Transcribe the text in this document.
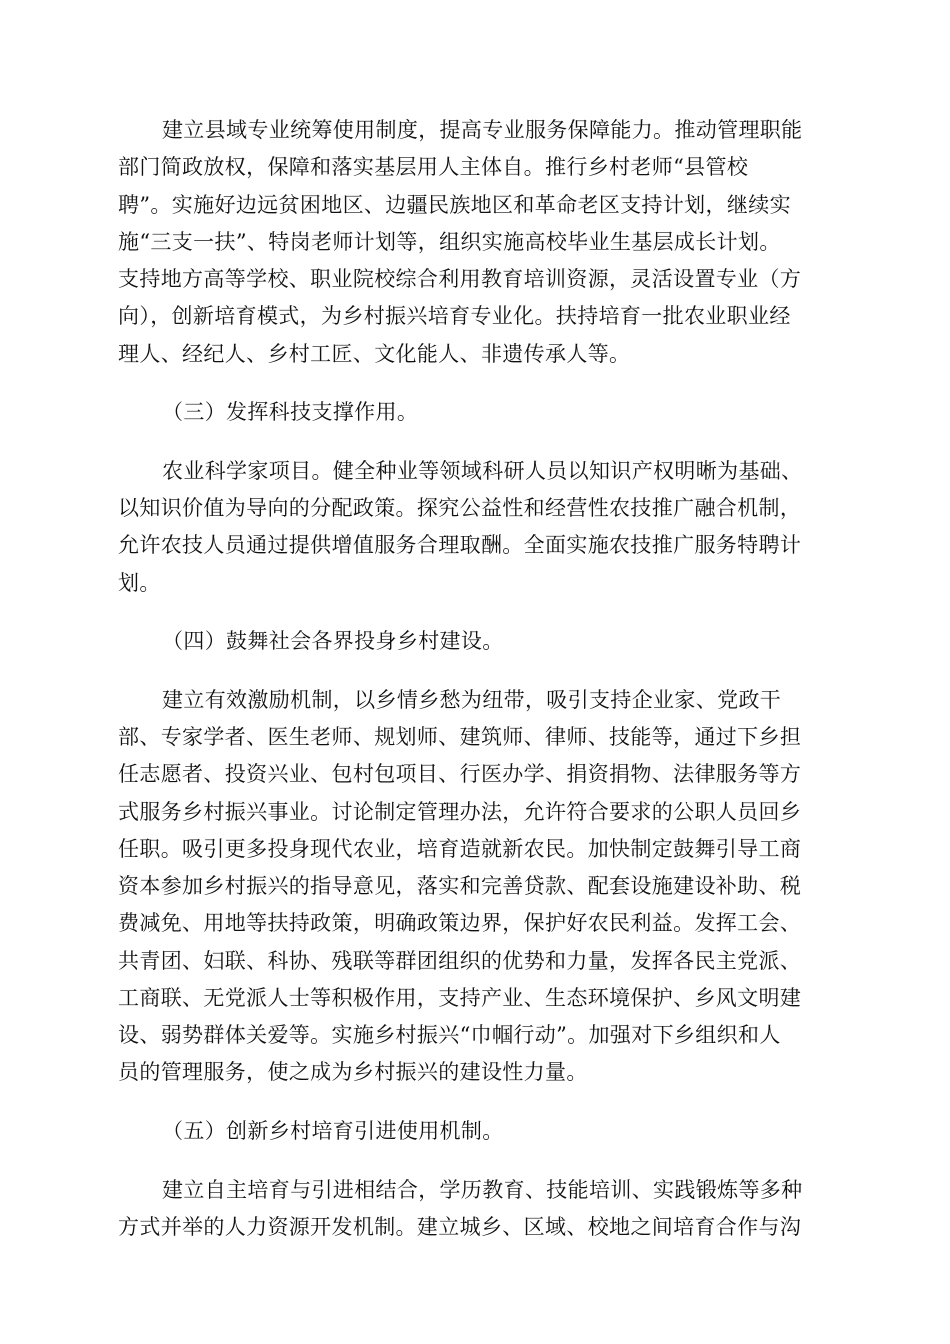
建立县域专业统筹使用制度，提高专业服务保障能力。推动管理职能
部门简政放权，保障和落实基层用人主体自。推行乡村老师“县管校
聘”。实施好边远贫困地区、边疆民族地区和革命老区支持计划，继续实
施“三支一扶”、特岗老师计划等，组织实施高校毕业生基层成长计划。
支持地方高等学校、职业院校综合利用教育培训资源，灵活设置专业（方
向），创新培育模式，为乡村振兴培育专业化。扶持培育一批农业职业经
理人、经纪人、乡村工匠、文化能人、非遗传承人等。
（三）发挥科技支撑作用。
农业科学家项目。健全种业等领域科研人员以知识产权明晰为基础、
以知识价值为导向的分配政策。探究公益性和经营性农技推广融合机制，
允许农技人员通过提供增值服务合理取酬。全面实施农技推广服务特聘计
划。
（四）鼓舞社会各界投身乡村建设。
建立有效激励机制，以乡情乡愁为纽带，吸引支持企业家、党政干
部、专家学者、医生老师、规划师、建筑师、律师、技能等，通过下乡担
任志愿者、投资兴业、包村包项目、行医办学、捐资捐物、法律服务等方
式服务乡村振兴事业。讨论制定管理办法，允许符合要求的公职人员回乡
任职。吸引更多投身现代农业，培育造就新农民。加快制定鼓舞引导工商
资本参加乡村振兴的指导意见，落实和完善贷款、配套设施建设补助、税
费减免、用地等扶持政策，明确政策边界，保护好农民利益。发挥工会、
共青团、妇联、科协、残联等群团组织的优势和力量，发挥各民主党派、
工商联、无党派人士等积极作用，支持产业、生态环境保护、乡风文明建
设、弱势群体关爱等。实施乡村振兴“巾帼行动”。加强对下乡组织和人
员的管理服务，使之成为乡村振兴的建设性力量。
（五）创新乡村培育引进使用机制。
建立自主培育与引进相结合，学历教育、技能培训、实践锻炼等多种
方式并举的人力资源开发机制。建立城乡、区域、校地之间培育合作与沟
